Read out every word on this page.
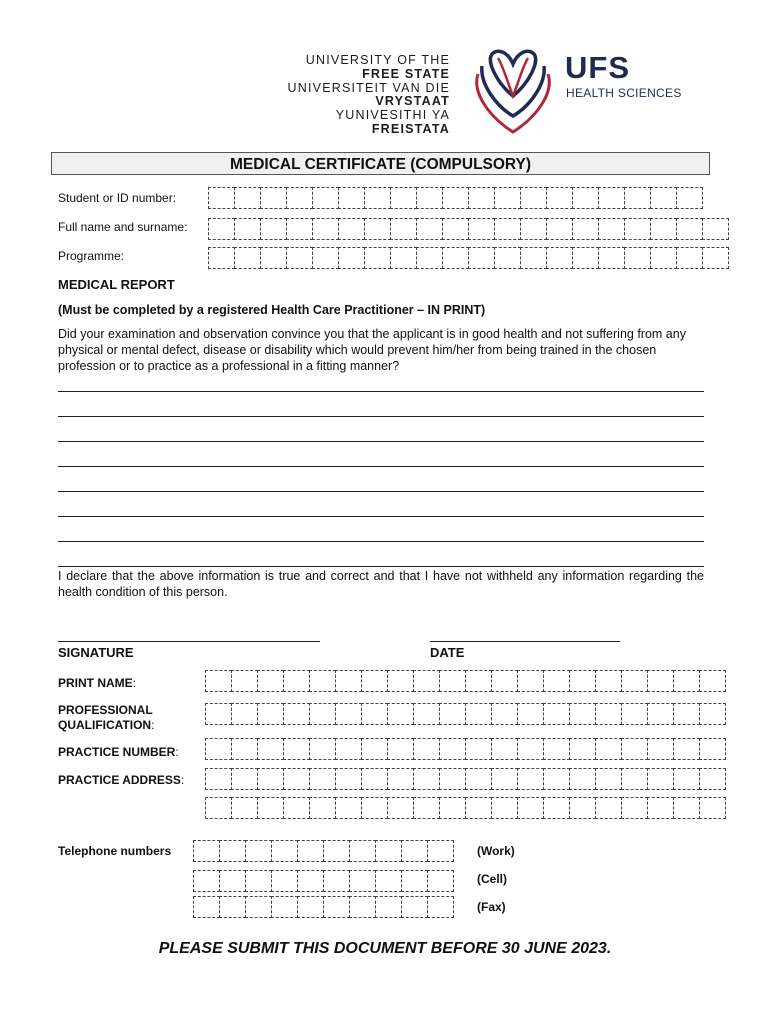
UNIVERSITY OF THE
FREE STATE
UNIVERSITEIT VAN DIE
VRYSTAAT
YUNIVESITHI YA
FREISTATA
UFS
HEALTH SCIENCES
MEDICAL CERTIFICATE (COMPULSORY)
Student or ID number:
Full name and surname:
Programme:
MEDICAL REPORT
(Must be completed by a registered Health Care Practitioner – IN PRINT)
Did your examination and observation convince you that the applicant is in good health and not suffering from any physical or mental defect, disease or disability which would prevent him/her from being trained in the chosen profession or to practice as a professional in a fitting manner?
I declare that the above information is true and correct and that I have not withheld any information regarding the health condition of this person.
SIGNATURE	DATE
PRINT NAME:
PROFESSIONAL
QUALIFICATION:
PRACTICE NUMBER:
PRACTICE ADDRESS:
Telephone numbers	(Work)
(Cell)
(Fax)
PLEASE SUBMIT THIS DOCUMENT BEFORE 30 JUNE 2023.
